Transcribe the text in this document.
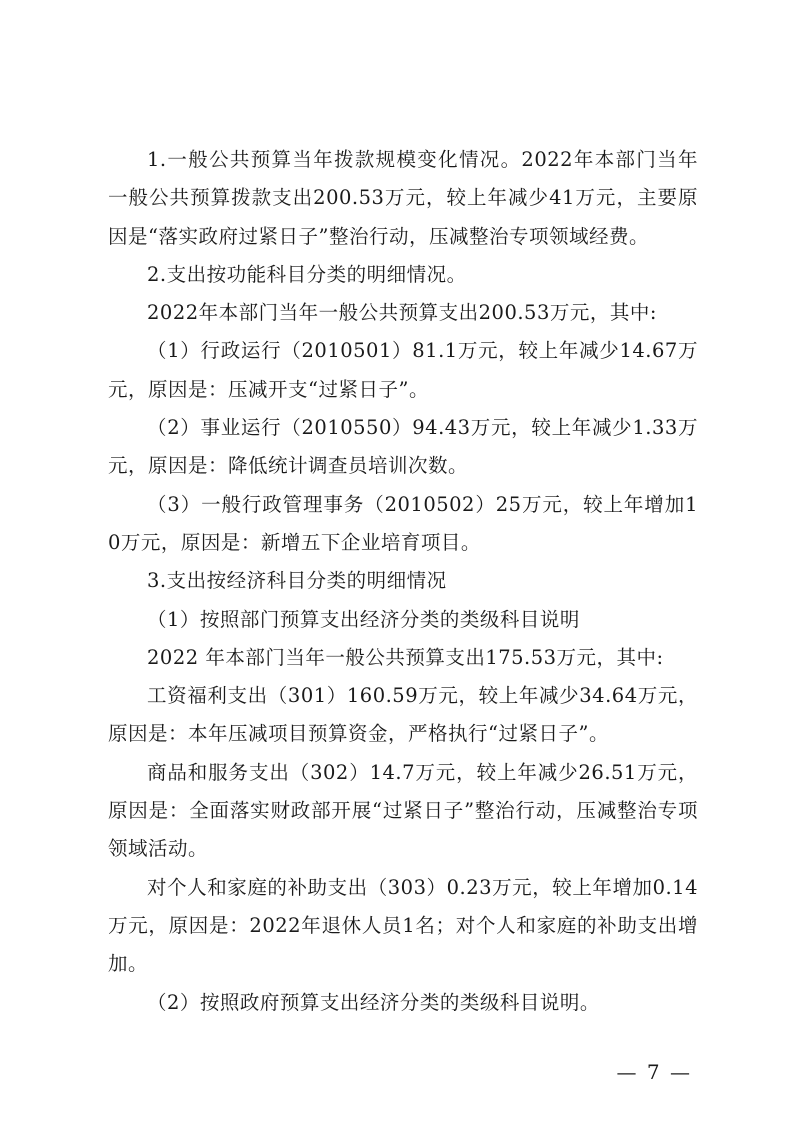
1.一般公共预算当年拨款规模变化情况。2022年本部门当年一般公共预算拨款支出200.53万元，较上年减少41万元，主要原因是“落实政府过紧日子”整治行动，压减整治专项领域经费。

2.支出按功能科目分类的明细情况。

2022年本部门当年一般公共预算支出200.53万元，其中:

（1）行政运行（2010501）81.1万元，较上年减少14.67万元，原因是：压减开支“过紧日子”。

（2）事业运行（2010550）94.43万元，较上年减少1.33万元，原因是：降低统计调查员培训次数。

（3）一般行政管理事务（2010502）25万元，较上年增加10万元，原因是：新增五下企业培育项目。

3.支出按经济科目分类的明细情况

（1）按照部门预算支出经济分类的类级科目说明

2022 年本部门当年一般公共预算支出175.53万元，其中:

工资福利支出（301）160.59万元，较上年减少34.64万元，原因是：本年压减项目预算资金，严格执行“过紧日子”。

商品和服务支出（302）14.7万元，较上年减少26.51万元，原因是：全面落实财政部开展“过紧日子”整治行动，压减整治专项领域活动。

对个人和家庭的补助支出（303）0.23万元，较上年增加0.14万元，原因是：2022年退休人员1名；对个人和家庭的补助支出增加。

（2）按照政府预算支出经济分类的类级科目说明。

— 7 —
